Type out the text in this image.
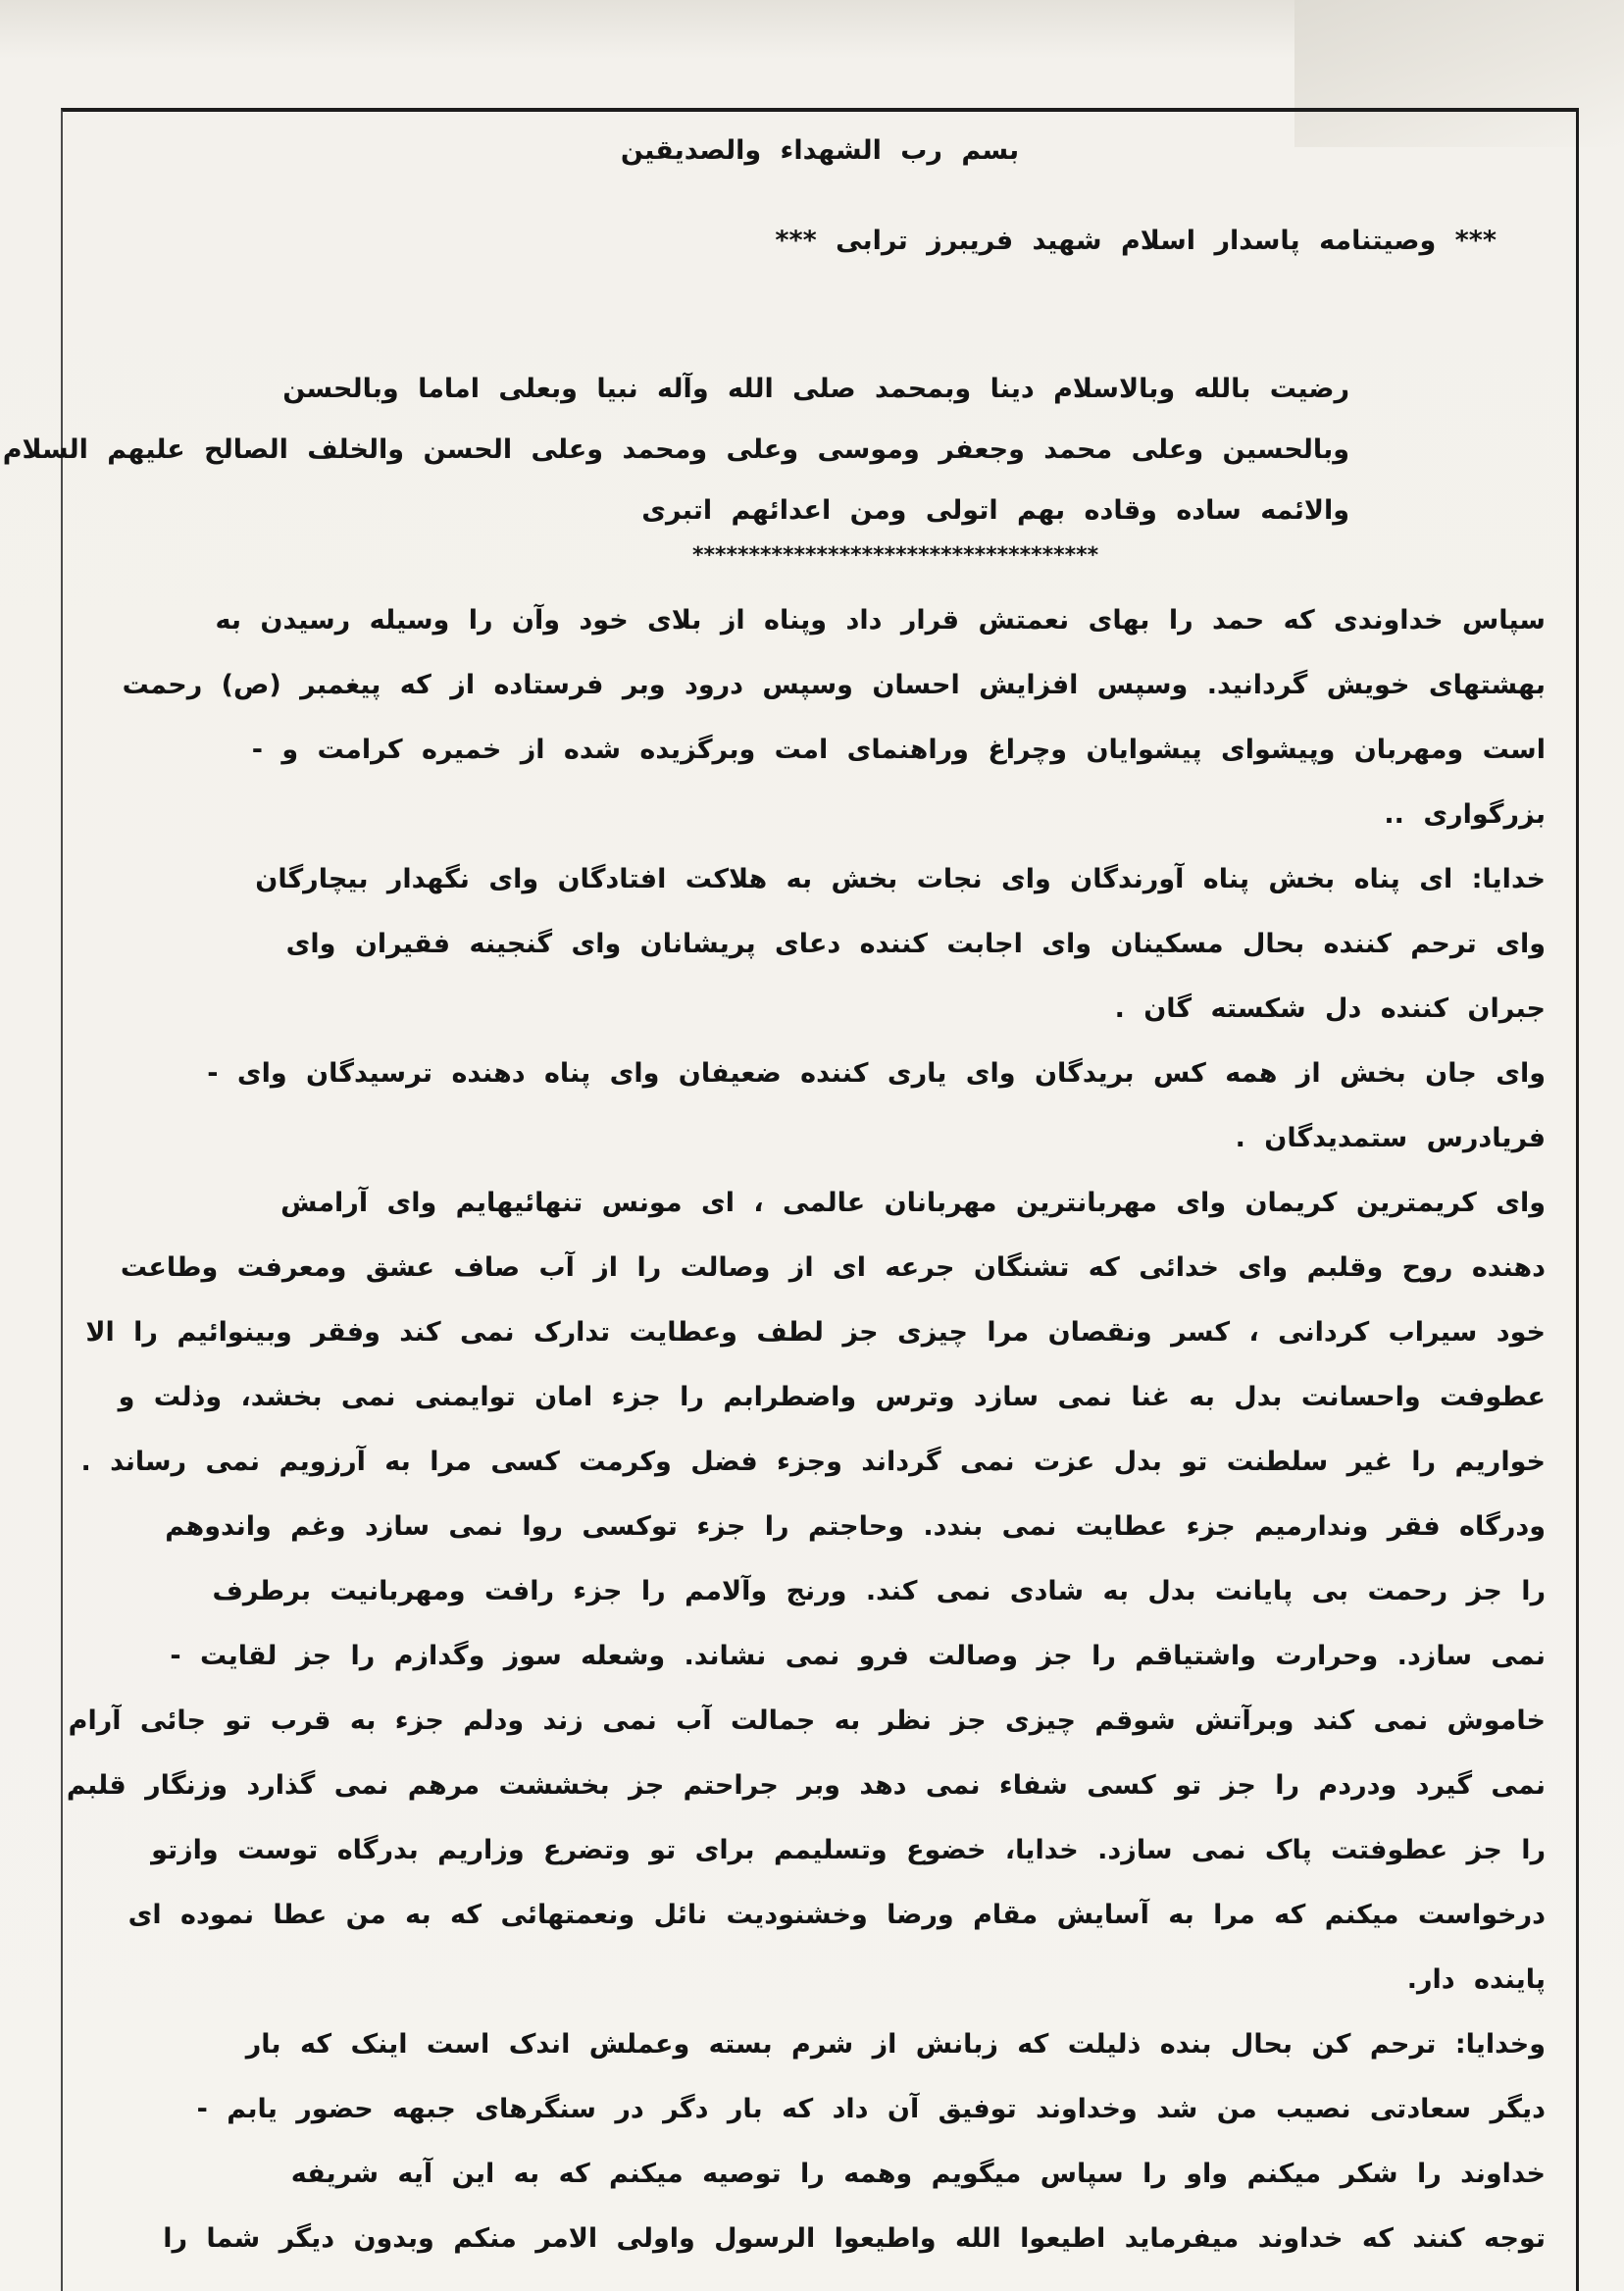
بسم رب الشهداء والصدیقین
*** وصیتنامه پاسدار اسلام شهید فریبرز ترابی ***
رضیت بالله وبالاسلام دینا وبمحمد صلی الله وآله نبیا وبعلی اماما وبالحسن
وبالحسین وعلی محمد وجعفر وموسی وعلی ومحمد وعلی الحسن والخلف الصالح علیهم السلام
والائمه ساده وقاده بهم اتولی ومن اعدائهم اتبری
************************************
سپاس خداوندی که حمد را بهای نعمتش قرار داد وپناه از بلای خود وآن را وسیله رسیدن به
بهشتهای خویش گردانید. وسپس افزایش احسان وسپس درود وبر فرستاده از که پیغمبر (ص) رحمت
است ومهربان وپیشوای پیشوایان وچراغ وراهنمای امت وبرگزیده شده از خمیره کرامت و -
بزرگواری ..
خدایا: ای پناه بخش پناه آورندگان وای نجات بخش به هلاکت افتادگان وای نگهدار بیچارگان
وای ترحم کننده بحال مسکینان وای اجابت کننده دعای پریشانان وای گنجینه فقیران وای
جبران کننده دل شکسته گان .
وای جان بخش از همه کس بریدگان وای یاری کننده ضعیفان وای پناه دهنده ترسیدگان وای -
فریادرس ستمدیدگان .
وای کریمترین کریمان وای مهربانترین مهربانان عالمی ، ای مونس تنهائیهایم وای آرامش
دهنده روح وقلبم وای خدائی که تشنگان جرعه ای از وصالت را از آب صاف عشق ومعرفت وطاعت
خود سیراب کردانی ، کسر ونقصان مرا چیزی جز لطف وعطایت تدارک نمی کند وفقر وبینوائیم را الا
عطوفت واحسانت بدل به غنا نمی سازد وترس واضطرابم را جزء امان توایمنی نمی بخشد، وذلت و
خواریم را غیر سلطنت تو بدل عزت نمی گرداند وجزء فضل وکرمت کسی مرا به آرزویم نمی رساند .
ودرگاه فقر وندارمیم جزء عطایت نمی بندد. وحاجتم را جزء توکسی روا نمی سازد وغم واندوهم
را جز رحمت بی پایانت بدل به شادی نمی کند. ورنج وآلامم را جزء رافت ومهربانیت برطرف
نمی سازد. وحرارت واشتیاقم را جز وصالت فرو نمی نشاند. وشعله سوز وگدازم را جز لقایت -
خاموش نمی کند وبرآتش شوقم چیزی جز نظر به جمالت آب نمی زند ودلم جزء به قرب تو جائی آرام
نمی گیرد ودردم را جز تو کسی شفاء نمی دهد وبر جراحتم جز بخششت مرهم نمی گذارد وزنگار قلبم
را جز عطوفتت پاک نمی سازد. خدایا، خضوع وتسلیمم برای تو وتضرع وزاریم بدرگاه توست وازتو
درخواست میکنم که مرا به آسایش مقام ورضا وخشنودیت نائل ونعمتهائی که به من عطا نموده ای
پاینده دار.
وخدایا: ترحم کن بحال بنده ذلیلت که زبانش از شرم بسته وعملش اندک است اینک که بار
دیگر سعادتی نصیب من شد وخداوند توفیق آن داد که بار دگر در سنگرهای جبهه حضور یابم -
خداوند را شکر میکنم واو را سپاس میگویم وهمه را توصیه میکنم که به این آیه شریفه
توجه کنند که خداوند میفرماید اطیعوا الله واطیعوا الرسول واولی الامر منکم وبدون دیگر شما را
